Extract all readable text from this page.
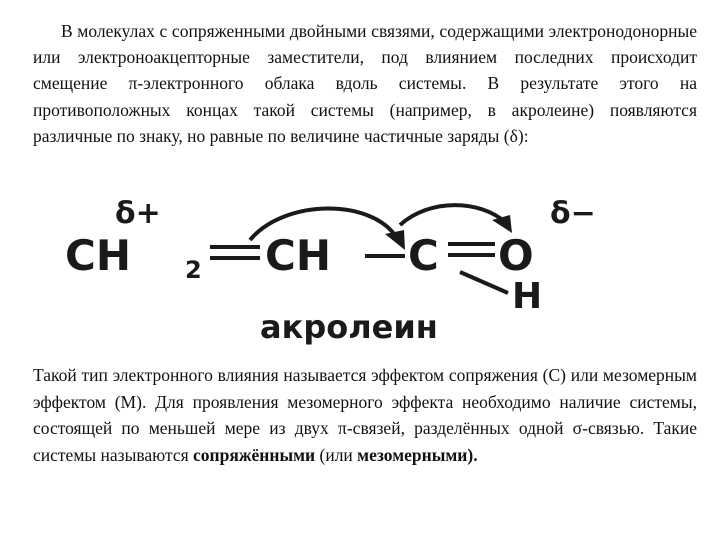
В молекулах с сопряженными двойными связями, содержащими электронодонорные или электроноакцепторные заместители, под влиянием последних происходит смещение π-электронного облака вдоль системы. В результате этого на противоположных концах такой системы (например, в акролеине) появляются различные по знаку, но равные по величине частичные заряды (δ):
δ+
CH 2 CH C O
δ−
H
акролеин
Такой тип электронного влияния называется эффектом сопряжения (С) или мезомерным эффектом (М). Для проявления мезомерного эффекта необходимо наличие системы, состоящей по меньшей мере из двух π-связей, разделённых одной σ-связью. Такие системы называются сопряжёнными (или мезомерными).
